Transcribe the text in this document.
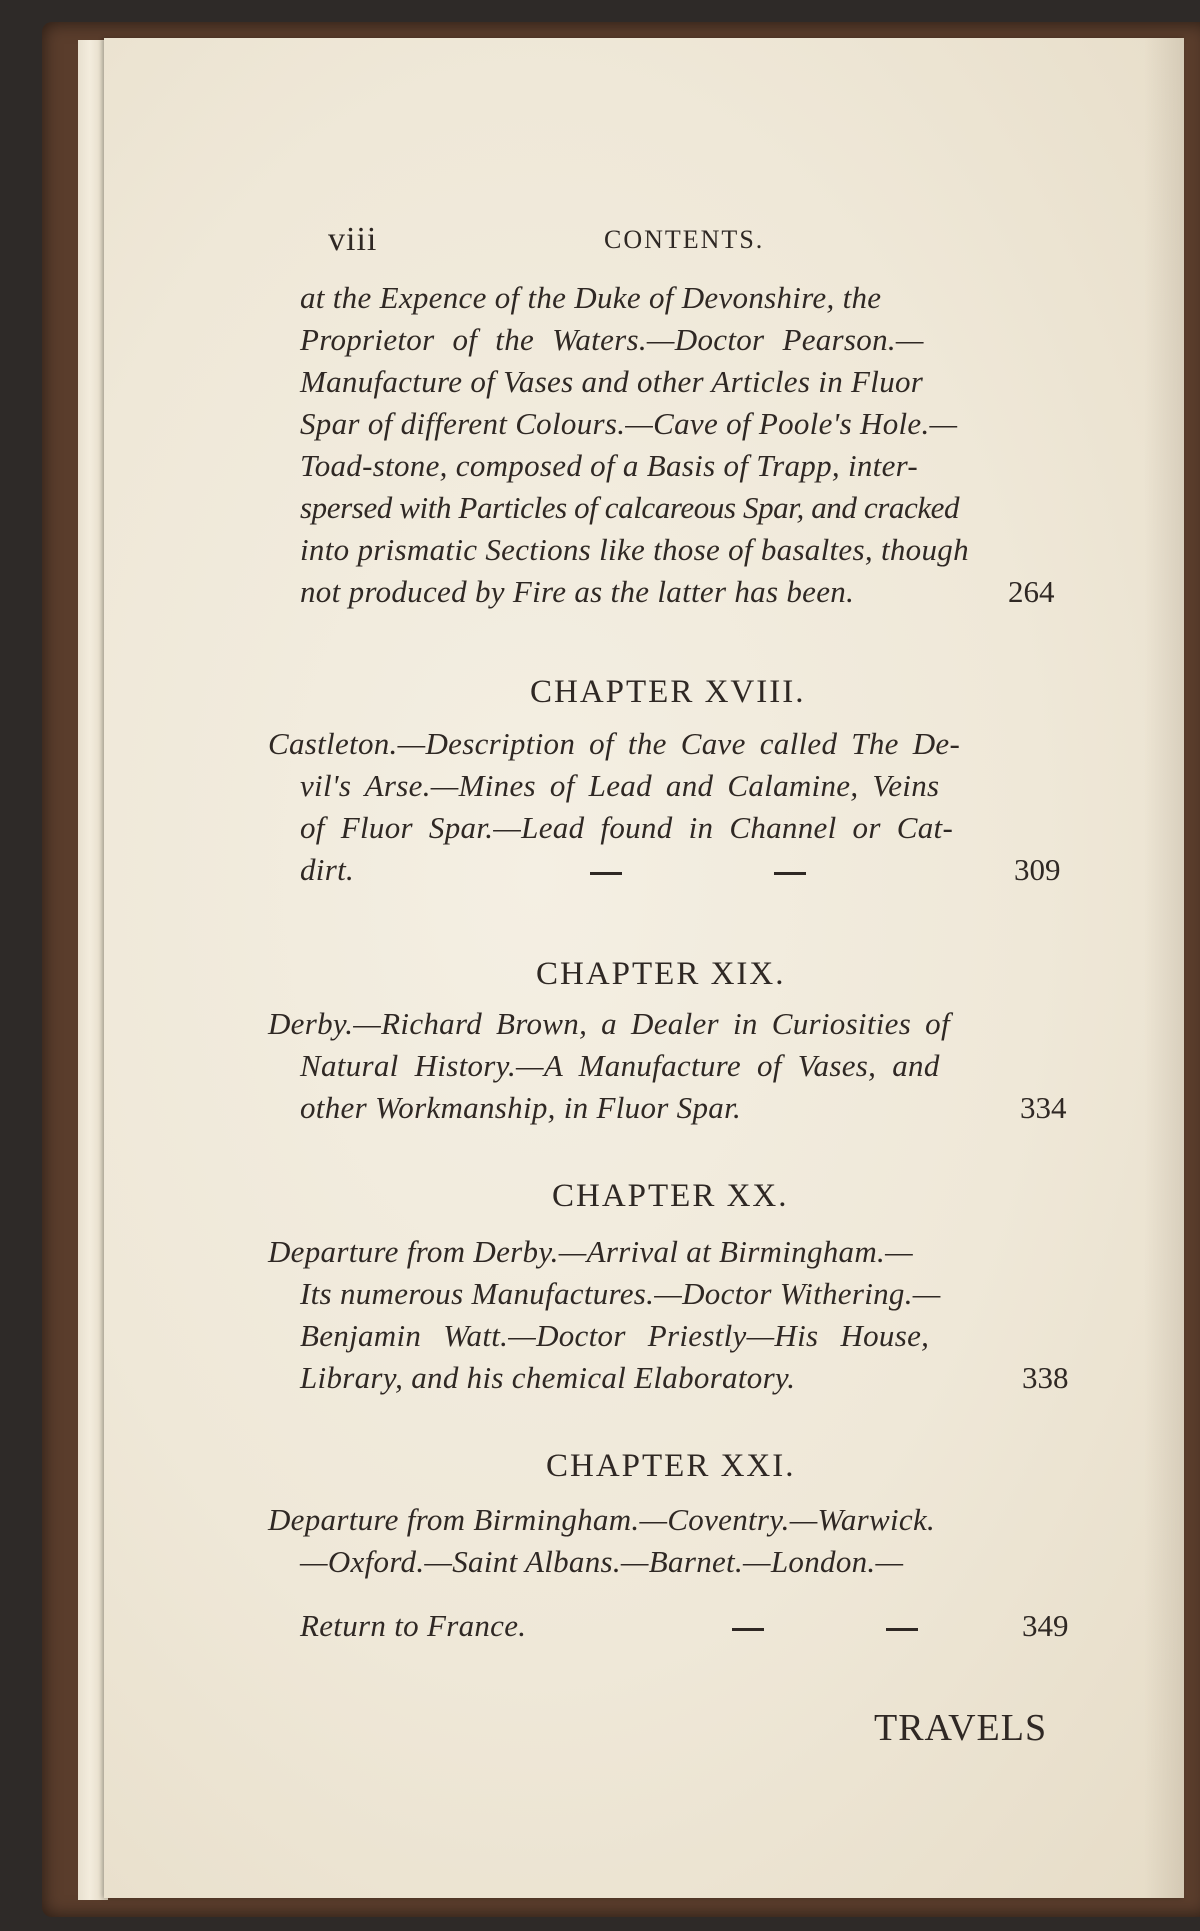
viii	CONTENTS.
at the Expence of the Duke of Devonshire, the
Proprietor of the Waters.—Doctor Pearson.—
Manufacture of Vases and other Articles in Fluor
Spar of different Colours.—Cave of Poole's Hole.—
Toad-stone, composed of a Basis of Trapp, inter-
spersed with Particles of calcareous Spar, and cracked
into prismatic Sections like those of basaltes, though
not produced by Fire as the latter has been.	264
CHAPTER XVIII.
Castleton.—Description of the Cave called The De-
vil's Arse.—Mines of Lead and Calamine, Veins
of Fluor Spar.—Lead found in Channel or Cat-
dirt.	309
CHAPTER XIX.
Derby.—Richard Brown, a Dealer in Curiosities of
Natural History.—A Manufacture of Vases, and
other Workmanship, in Fluor Spar.	334
CHAPTER XX.
Departure from Derby.—Arrival at Birmingham.—
Its numerous Manufactures.—Doctor Withering.—
Benjamin Watt.—Doctor Priestly—His House,
Library, and his chemical Elaboratory.	338
CHAPTER XXI.
Departure from Birmingham.—Coventry.—Warwick.
—Oxford.—Saint Albans.—Barnet.—London.—
Return to France.	349
TRAVELS
